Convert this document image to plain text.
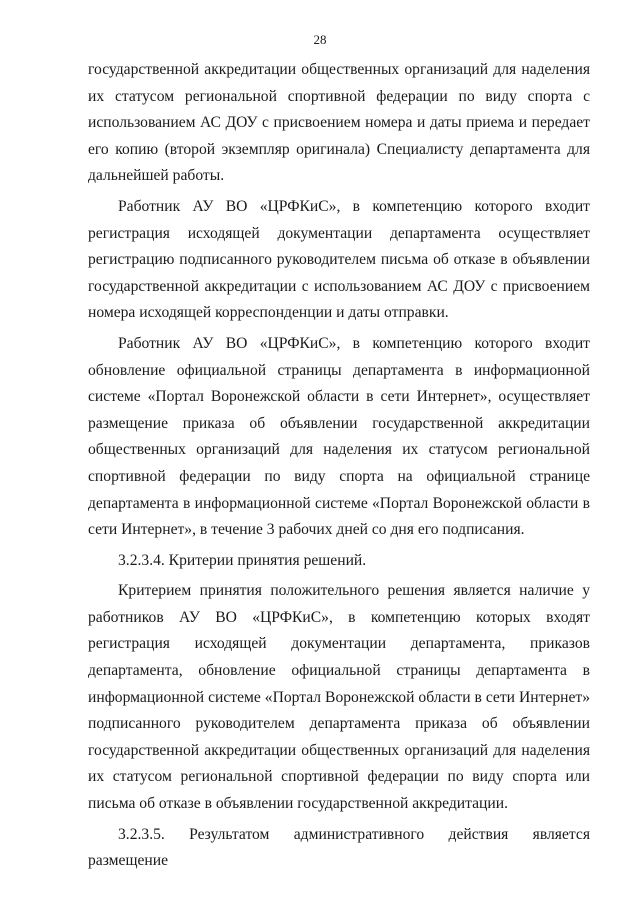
28

государственной аккредитации общественных организаций для наделения их статусом региональной спортивной федерации по виду спорта с использованием АС ДОУ с присвоением номера и даты приема и передает его копию (второй экземпляр оригинала) Специалисту департамента для дальнейшей работы.

Работник АУ ВО «ЦРФКиС», в компетенцию которого входит регистрация исходящей документации департамента осуществляет регистрацию подписанного руководителем письма об отказе в объявлении государственной аккредитации с использованием АС ДОУ с присвоением номера исходящей корреспонденции и даты отправки.

Работник АУ ВО «ЦРФКиС», в компетенцию которого входит обновление официальной страницы департамента в информационной системе «Портал Воронежской области в сети Интернет», осуществляет размещение приказа об объявлении государственной аккредитации общественных организаций для наделения их статусом региональной спортивной федерации по виду спорта на официальной странице департамента в информационной системе «Портал Воронежской области в сети Интернет», в течение 3 рабочих дней со дня его подписания.

3.2.3.4. Критерии принятия решений.

Критерием принятия положительного решения является наличие у работников АУ ВО «ЦРФКиС», в компетенцию которых входят регистрация исходящей документации департамента, приказов департамента, обновление официальной страницы департамента в информационной системе «Портал Воронежской области в сети Интернет» подписанного руководителем департамента приказа об объявлении государственной аккредитации общественных организаций для наделения их статусом региональной спортивной федерации по виду спорта или письма об отказе в объявлении государственной аккредитации.

3.2.3.5. Результатом административного действия является размещение
